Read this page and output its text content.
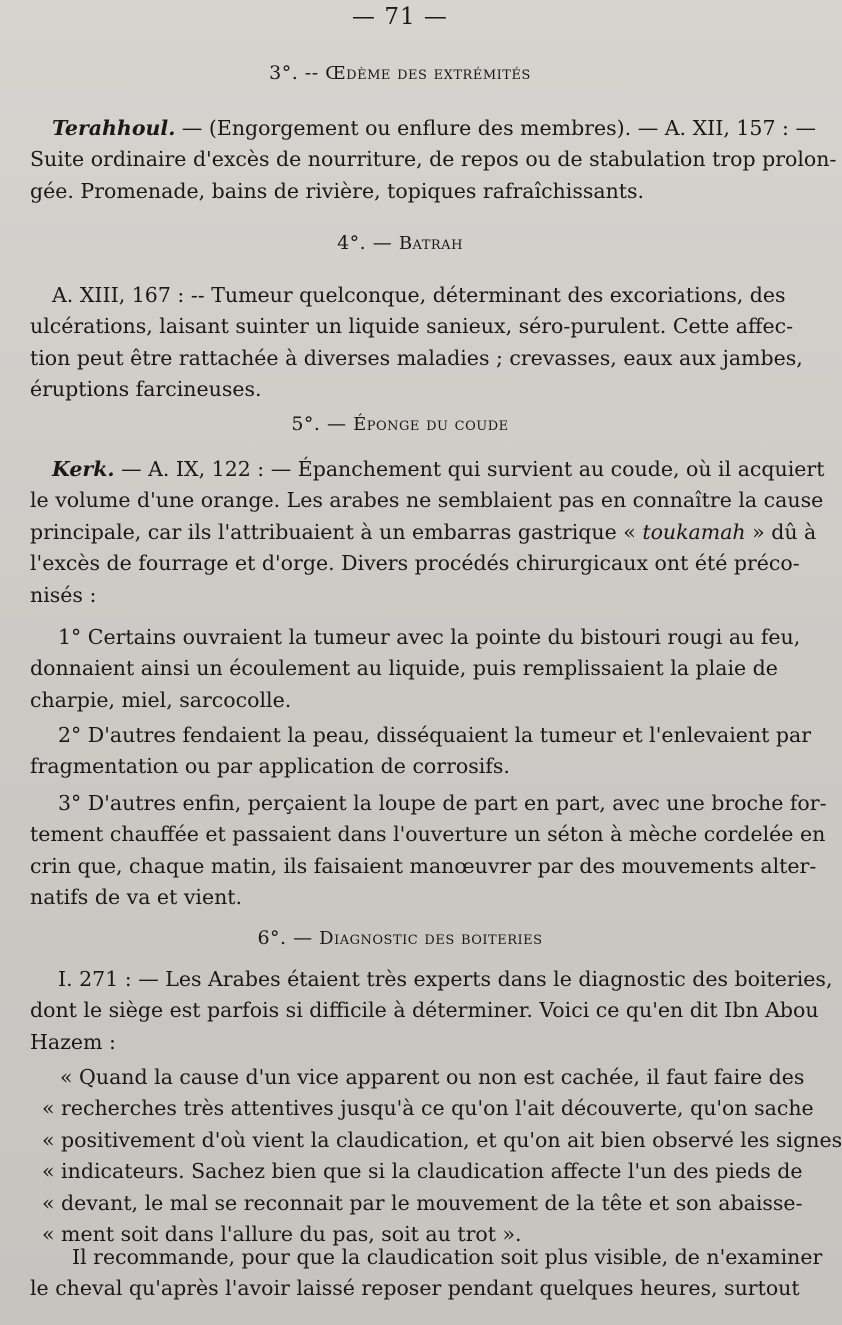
— 71 —
3°. -- Œdème des extrémités
Terahhoul. — (Engorgement ou enflure des membres). — A. XII, 157 : —
Suite ordinaire d'excès de nourriture, de repos ou de stabulation trop prolon-
gée. Promenade, bains de rivière, topiques rafraîchissants.
4°. — Batrah
A. XIII, 167 : -- Tumeur quelconque, déterminant des excoriations, des
ulcérations, laisant suinter un liquide sanieux, séro-purulent. Cette affec-
tion peut être rattachée à diverses maladies ; crevasses, eaux aux jambes,
éruptions farcineuses.
5°. — Éponge du coude
Kerk. — A. IX, 122 : — Épanchement qui survient au coude, où il acquiert
le volume d'une orange. Les arabes ne semblaient pas en connaître la cause
principale, car ils l'attribuaient à un embarras gastrique « toukamah » dû à
l'excès de fourrage et d'orge. Divers procédés chirurgicaux ont été préco-
nisés :
1° Certains ouvraient la tumeur avec la pointe du bistouri rougi au feu,
donnaient ainsi un écoulement au liquide, puis remplissaient la plaie de
charpie, miel, sarcocolle.
2° D'autres fendaient la peau, disséquaient la tumeur et l'enlevaient par
fragmentation ou par application de corrosifs.
3° D'autres enfin, perçaient la loupe de part en part, avec une broche for-
tement chauffée et passaient dans l'ouverture un séton à mèche cordelée en
crin que, chaque matin, ils faisaient manœuvrer par des mouvements alter-
natifs de va et vient.
6°. — Diagnostic des boiteries
I. 271 : — Les Arabes étaient très experts dans le diagnostic des boiteries,
dont le siège est parfois si difficile à déterminer. Voici ce qu'en dit Ibn Abou
Hazem :
« Quand la cause d'un vice apparent ou non est cachée, il faut faire des
« recherches très attentives jusqu'à ce qu'on l'ait découverte, qu'on sache
« positivement d'où vient la claudication, et qu'on ait bien observé les signes
« indicateurs. Sachez bien que si la claudication affecte l'un des pieds de
« devant, le mal se reconnait par le mouvement de la tête et son abaisse-
« ment soit dans l'allure du pas, soit au trot ».
Il recommande, pour que la claudication soit plus visible, de n'examiner
le cheval qu'après l'avoir laissé reposer pendant quelques heures, surtout
